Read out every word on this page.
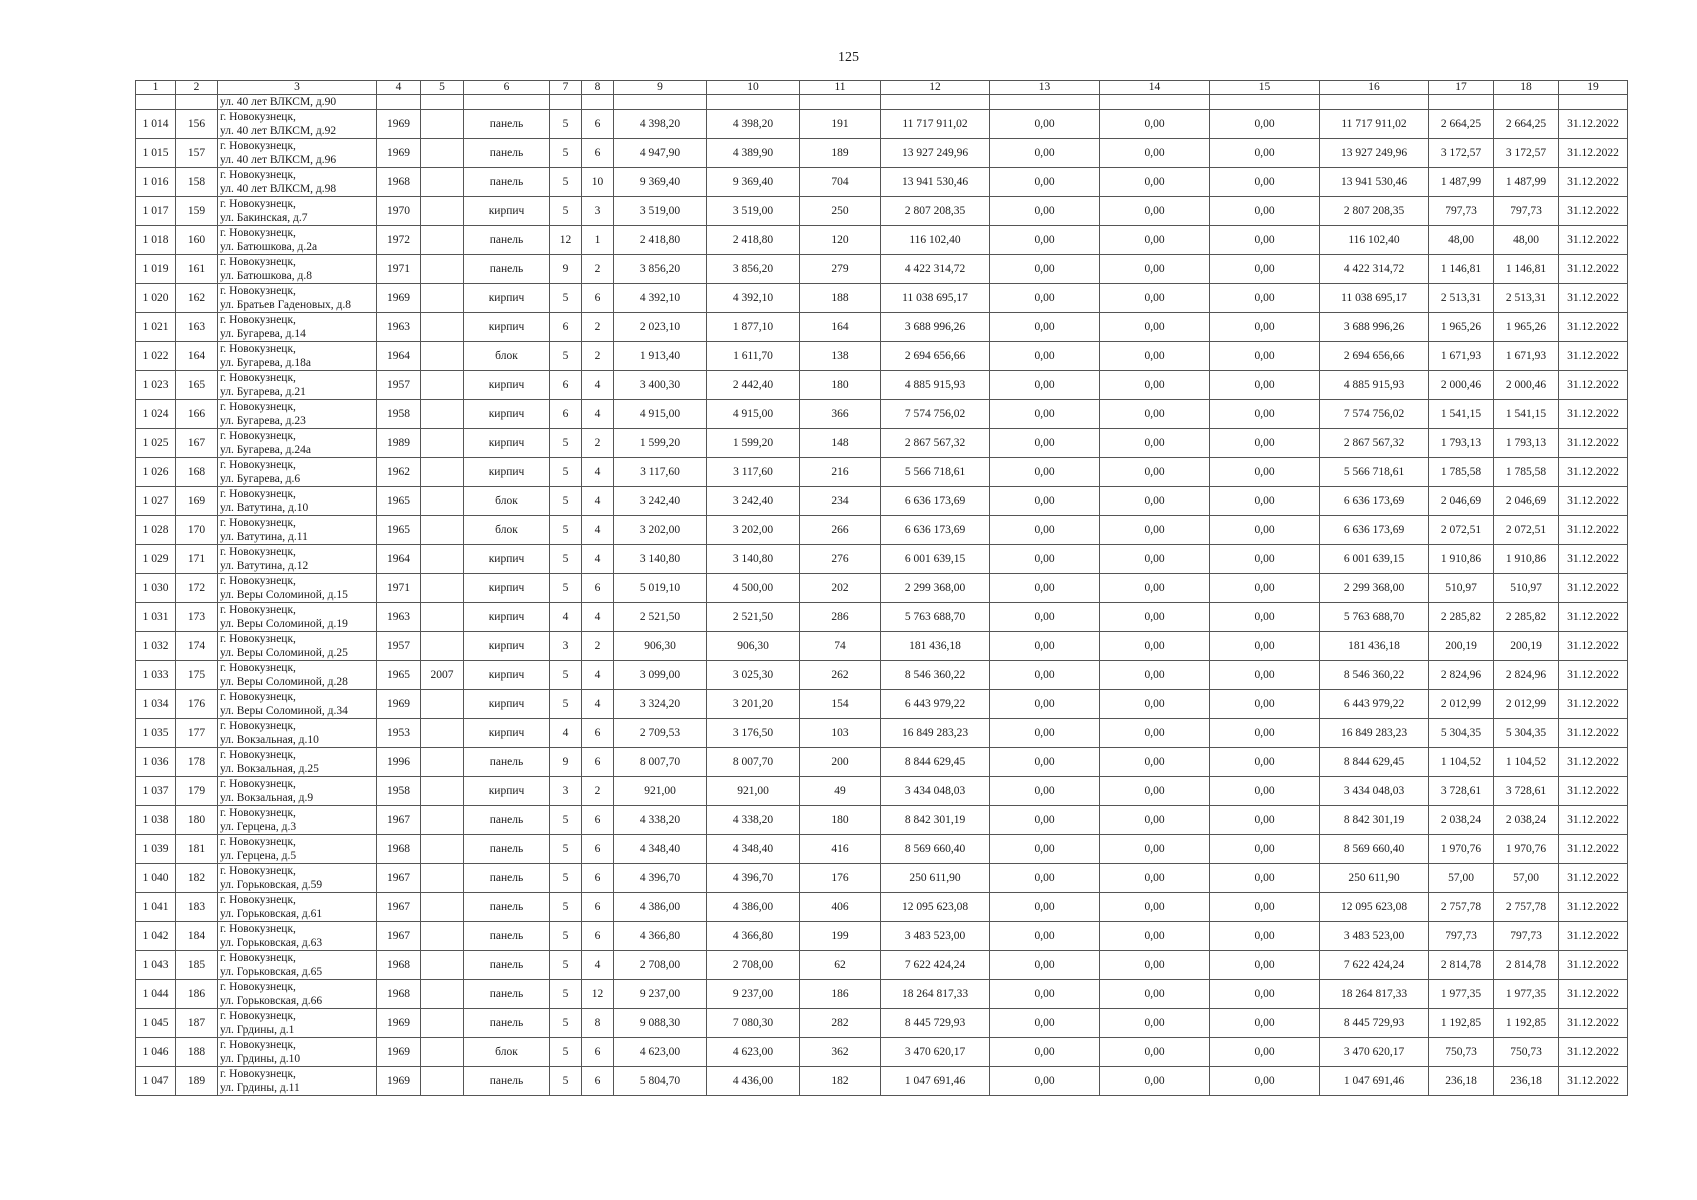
125
1	2	3	4	5	6	7	8	9	10	11	12	13	14	15	16	17	18	19
		ул. 40 лет ВЛКСМ, д.90																
1 014	156	г. Новокузнецк,
ул. 40 лет ВЛКСМ, д.92	1969		панель	5	6	4 398,20	4 398,20	191	11 717 911,02	0,00	0,00	0,00	11 717 911,02	2 664,25	2 664,25	31.12.2022
1 015	157	г. Новокузнецк,
ул. 40 лет ВЛКСМ, д.96	1969		панель	5	6	4 947,90	4 389,90	189	13 927 249,96	0,00	0,00	0,00	13 927 249,96	3 172,57	3 172,57	31.12.2022
1 016	158	г. Новокузнецк,
ул. 40 лет ВЛКСМ, д.98	1968		панель	5	10	9 369,40	9 369,40	704	13 941 530,46	0,00	0,00	0,00	13 941 530,46	1 487,99	1 487,99	31.12.2022
1 017	159	г. Новокузнецк,
ул. Бакинская, д.7	1970		кирпич	5	3	3 519,00	3 519,00	250	2 807 208,35	0,00	0,00	0,00	2 807 208,35	797,73	797,73	31.12.2022
1 018	160	г. Новокузнецк,
ул. Батюшкова, д.2а	1972		панель	12	1	2 418,80	2 418,80	120	116 102,40	0,00	0,00	0,00	116 102,40	48,00	48,00	31.12.2022
1 019	161	г. Новокузнецк,
ул. Батюшкова, д.8	1971		панель	9	2	3 856,20	3 856,20	279	4 422 314,72	0,00	0,00	0,00	4 422 314,72	1 146,81	1 146,81	31.12.2022
1 020	162	г. Новокузнецк,
ул. Братьев Гаденовых, д.8	1969		кирпич	5	6	4 392,10	4 392,10	188	11 038 695,17	0,00	0,00	0,00	11 038 695,17	2 513,31	2 513,31	31.12.2022
1 021	163	г. Новокузнецк,
ул. Бугарева, д.14	1963		кирпич	6	2	2 023,10	1 877,10	164	3 688 996,26	0,00	0,00	0,00	3 688 996,26	1 965,26	1 965,26	31.12.2022
1 022	164	г. Новокузнецк,
ул. Бугарева, д.18а	1964		блок	5	2	1 913,40	1 611,70	138	2 694 656,66	0,00	0,00	0,00	2 694 656,66	1 671,93	1 671,93	31.12.2022
1 023	165	г. Новокузнецк,
ул. Бугарева, д.21	1957		кирпич	6	4	3 400,30	2 442,40	180	4 885 915,93	0,00	0,00	0,00	4 885 915,93	2 000,46	2 000,46	31.12.2022
1 024	166	г. Новокузнецк,
ул. Бугарева, д.23	1958		кирпич	6	4	4 915,00	4 915,00	366	7 574 756,02	0,00	0,00	0,00	7 574 756,02	1 541,15	1 541,15	31.12.2022
1 025	167	г. Новокузнецк,
ул. Бугарева, д.24а	1989		кирпич	5	2	1 599,20	1 599,20	148	2 867 567,32	0,00	0,00	0,00	2 867 567,32	1 793,13	1 793,13	31.12.2022
1 026	168	г. Новокузнецк,
ул. Бугарева, д.6	1962		кирпич	5	4	3 117,60	3 117,60	216	5 566 718,61	0,00	0,00	0,00	5 566 718,61	1 785,58	1 785,58	31.12.2022
1 027	169	г. Новокузнецк,
ул. Ватутина, д.10	1965		блок	5	4	3 242,40	3 242,40	234	6 636 173,69	0,00	0,00	0,00	6 636 173,69	2 046,69	2 046,69	31.12.2022
1 028	170	г. Новокузнецк,
ул. Ватутина, д.11	1965		блок	5	4	3 202,00	3 202,00	266	6 636 173,69	0,00	0,00	0,00	6 636 173,69	2 072,51	2 072,51	31.12.2022
1 029	171	г. Новокузнецк,
ул. Ватутина, д.12	1964		кирпич	5	4	3 140,80	3 140,80	276	6 001 639,15	0,00	0,00	0,00	6 001 639,15	1 910,86	1 910,86	31.12.2022
1 030	172	г. Новокузнецк,
ул. Веры Соломиной, д.15	1971		кирпич	5	6	5 019,10	4 500,00	202	2 299 368,00	0,00	0,00	0,00	2 299 368,00	510,97	510,97	31.12.2022
1 031	173	г. Новокузнецк,
ул. Веры Соломиной, д.19	1963		кирпич	4	4	2 521,50	2 521,50	286	5 763 688,70	0,00	0,00	0,00	5 763 688,70	2 285,82	2 285,82	31.12.2022
1 032	174	г. Новокузнецк,
ул. Веры Соломиной, д.25	1957		кирпич	3	2	906,30	906,30	74	181 436,18	0,00	0,00	0,00	181 436,18	200,19	200,19	31.12.2022
1 033	175	г. Новокузнецк,
ул. Веры Соломиной, д.28	1965	2007	кирпич	5	4	3 099,00	3 025,30	262	8 546 360,22	0,00	0,00	0,00	8 546 360,22	2 824,96	2 824,96	31.12.2022
1 034	176	г. Новокузнецк,
ул. Веры Соломиной, д.34	1969		кирпич	5	4	3 324,20	3 201,20	154	6 443 979,22	0,00	0,00	0,00	6 443 979,22	2 012,99	2 012,99	31.12.2022
1 035	177	г. Новокузнецк,
ул. Вокзальная, д.10	1953		кирпич	4	6	2 709,53	3 176,50	103	16 849 283,23	0,00	0,00	0,00	16 849 283,23	5 304,35	5 304,35	31.12.2022
1 036	178	г. Новокузнецк,
ул. Вокзальная, д.25	1996		панель	9	6	8 007,70	8 007,70	200	8 844 629,45	0,00	0,00	0,00	8 844 629,45	1 104,52	1 104,52	31.12.2022
1 037	179	г. Новокузнецк,
ул. Вокзальная, д.9	1958		кирпич	3	2	921,00	921,00	49	3 434 048,03	0,00	0,00	0,00	3 434 048,03	3 728,61	3 728,61	31.12.2022
1 038	180	г. Новокузнецк,
ул. Герцена, д.3	1967		панель	5	6	4 338,20	4 338,20	180	8 842 301,19	0,00	0,00	0,00	8 842 301,19	2 038,24	2 038,24	31.12.2022
1 039	181	г. Новокузнецк,
ул. Герцена, д.5	1968		панель	5	6	4 348,40	4 348,40	416	8 569 660,40	0,00	0,00	0,00	8 569 660,40	1 970,76	1 970,76	31.12.2022
1 040	182	г. Новокузнецк,
ул. Горьковская, д.59	1967		панель	5	6	4 396,70	4 396,70	176	250 611,90	0,00	0,00	0,00	250 611,90	57,00	57,00	31.12.2022
1 041	183	г. Новокузнецк,
ул. Горьковская, д.61	1967		панель	5	6	4 386,00	4 386,00	406	12 095 623,08	0,00	0,00	0,00	12 095 623,08	2 757,78	2 757,78	31.12.2022
1 042	184	г. Новокузнецк,
ул. Горьковская, д.63	1967		панель	5	6	4 366,80	4 366,80	199	3 483 523,00	0,00	0,00	0,00	3 483 523,00	797,73	797,73	31.12.2022
1 043	185	г. Новокузнецк,
ул. Горьковская, д.65	1968		панель	5	4	2 708,00	2 708,00	62	7 622 424,24	0,00	0,00	0,00	7 622 424,24	2 814,78	2 814,78	31.12.2022
1 044	186	г. Новокузнецк,
ул. Горьковская, д.66	1968		панель	5	12	9 237,00	9 237,00	186	18 264 817,33	0,00	0,00	0,00	18 264 817,33	1 977,35	1 977,35	31.12.2022
1 045	187	г. Новокузнецк,
ул. Грдины, д.1	1969		панель	5	8	9 088,30	7 080,30	282	8 445 729,93	0,00	0,00	0,00	8 445 729,93	1 192,85	1 192,85	31.12.2022
1 046	188	г. Новокузнецк,
ул. Грдины, д.10	1969		блок	5	6	4 623,00	4 623,00	362	3 470 620,17	0,00	0,00	0,00	3 470 620,17	750,73	750,73	31.12.2022
1 047	189	г. Новокузнецк,
ул. Грдины, д.11	1969		панель	5	6	5 804,70	4 436,00	182	1 047 691,46	0,00	0,00	0,00	1 047 691,46	236,18	236,18	31.12.2022
